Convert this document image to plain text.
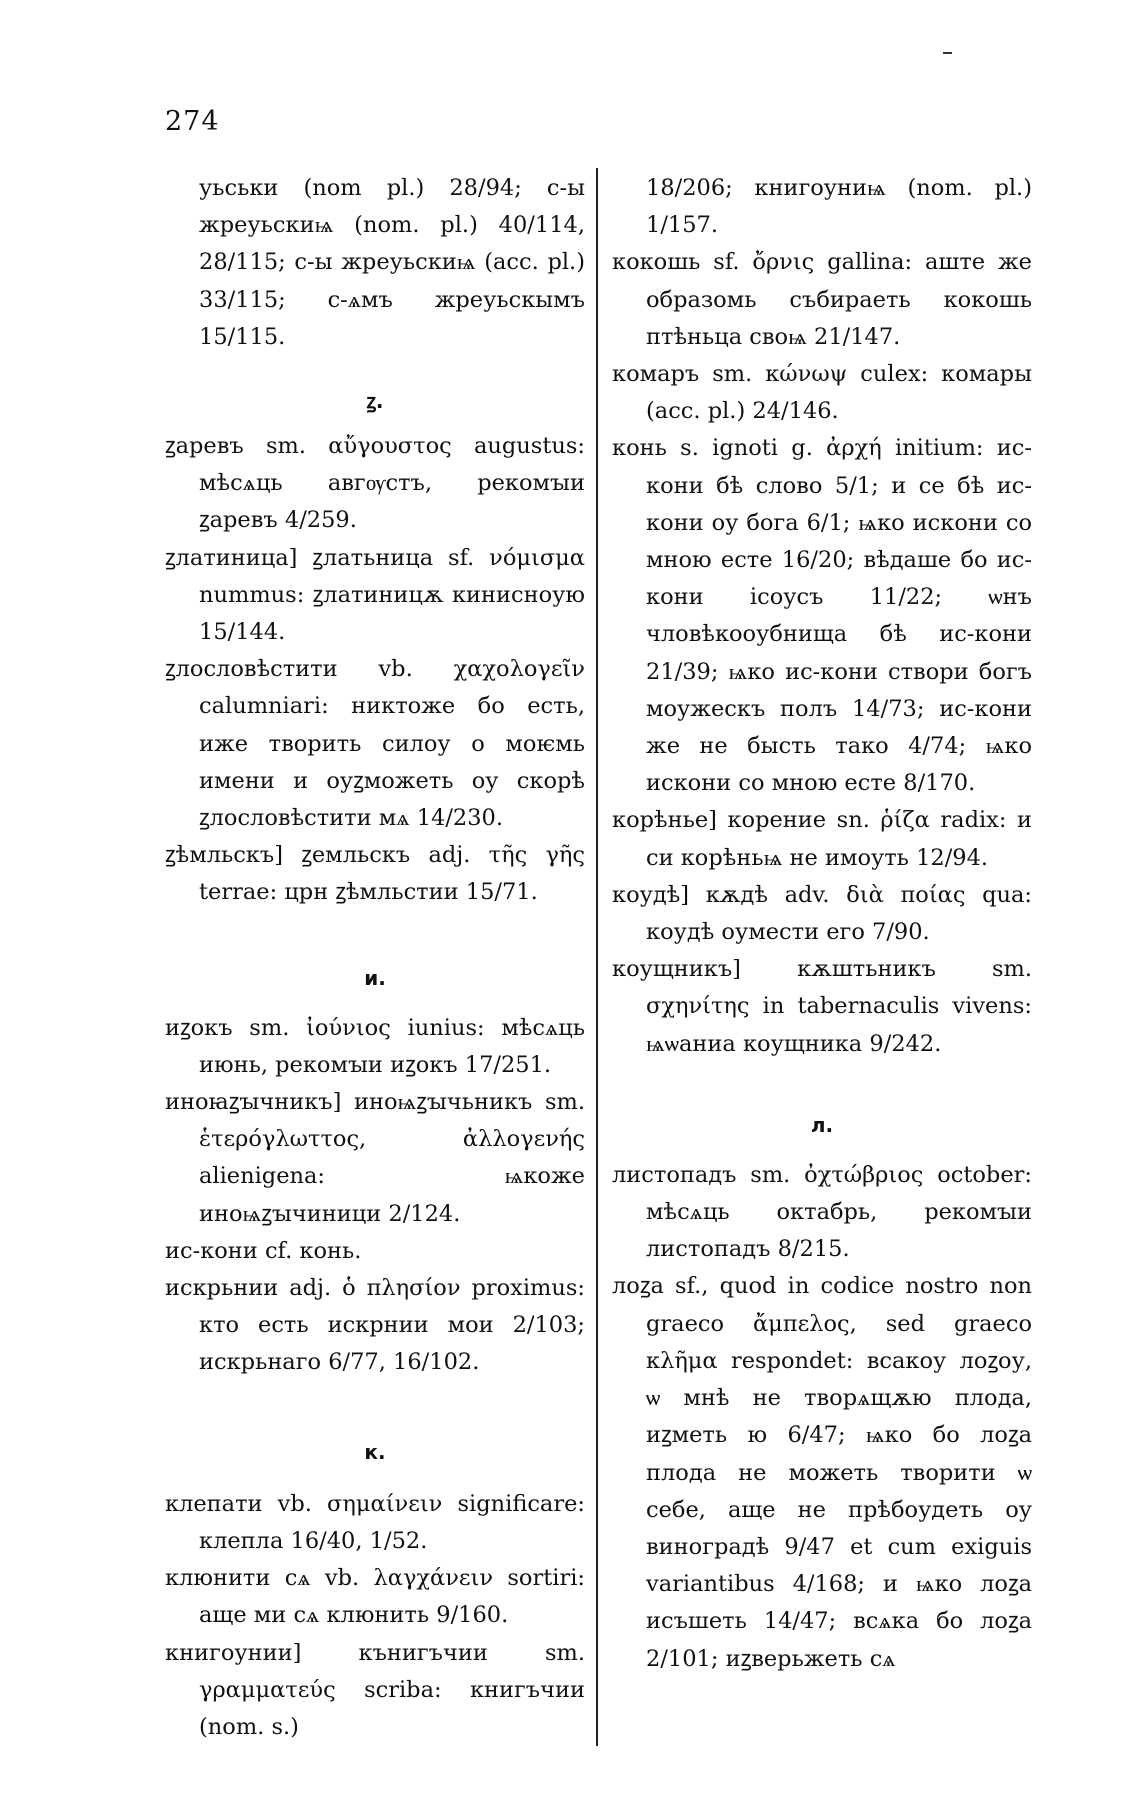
274
уьськи (nom pl.) 28/94; с-ы жреуьскиѩ (nom. pl.) 40/114, 28/115; с-ы жреуьскиѩ (acc. pl.) 33/115; с-ѧмъ жреуьскымъ 15/115.
ꙁ.
ꙁаревъ sm. αὔγουστος augustus: мѣсѧць авгѹстъ, рекомꙑи ꙁаревъ 4/259.
ꙁлатиница] ꙁлатьница sf. νόμισμα nummus: ꙁлатиницѫ кинисноую 15/144.
ꙁлословѣстити vb. χαχολογεῖν calumniari: никтоже бо есть, иже творить силоу о моѥмь имени и оуꙁможеть оу скорѣ ꙁлословѣстити мѧ 14/230.
ꙁѣмльскъ] ꙁемльскъ adj. τῆς γῆς terrae: црн ꙁѣмльстии 15/71.
и.
иꙁокъ sm. ἰούνιος iunius: мѣсѧць июнь, рекомꙑи иꙁокъ 17/251.
иноꙗꙁꙑчникъ] иноѩꙁꙑчьникъ sm. ἑτερόγλωττος, ἀλλογενής alienigena: ѩкоже иноѩꙁꙑчиници 2/124.
ис-кони cf. конь.
искрьнии adj. ὁ πλησίον proximus: кто есть искрнии мои 2/103; искрьнаго 6/77, 16/102.
к.
клепати vb. σημαίνειν significare: клепла 16/40, 1/52.
клюнити сѧ vb. λαγχάνειν sortiri: аще ми сѧ клюнить 9/160.
книгоунии] кънигъчии sm. γραμματεύς scriba: книгъчии (nom. s.)
18/206; книгоуниѩ (nom. pl.) 1/157.
кокошь sf. ὄρνις gallina: аште же образомь събираеть кокошь птѣньца своѩ 21/147.
комаръ sm. κώνωψ culex: комары (acc. pl.) 24/146.
конь s. ignoti g. ἀρχή initium: ис-кони бѣ слово 5/1; и се бѣ ис-кони оу бога 6/1; ѩко искони со мною есте 16/20; вѣдаше бо ис-кони ісоусъ 11/22; ѡнъ чловѣкооубнища бѣ ис-кони 21/39; ѩко ис-кони створи богъ моужескъ полъ 14/73; ис-кони же не бысть тако 4/74; ѩко искони со мною есте 8/170.
корѣнье] корение sn. ῥίζα radix: и си корѣньѩ не имоуть 12/94.
коудѣ] кѫдѣ adv. διὰ ποίας qua: коудѣ оумести его 7/90.
коущникъ] кѫштьникъ sm. σχηνίτης in tabernaculis vivens: ѩѡаниа коущника 9/242.
л.
листопадъ sm. ὀχτώβριος october: мѣсѧць октабрь, рекомꙑи листопадъ 8/215.
лоꙁа sf., quod in codice nostro non graeco ἄμπελος, sed graeco κλῆμα respondet: всакоу лоꙁоу, ѡ мнѣ не творѧщѫю плода, иꙁметь ю 6/47; ѩко бо лоꙁа плода не можеть творити ѡ себе, аще не прѣбоудеть оу виноградѣ 9/47 et cum exiguis variantibus 4/168; и ѩко лоꙁа исъшеть 14/47; всѧка бо лоꙁа 2/101; иꙁверьжеть сѧ
